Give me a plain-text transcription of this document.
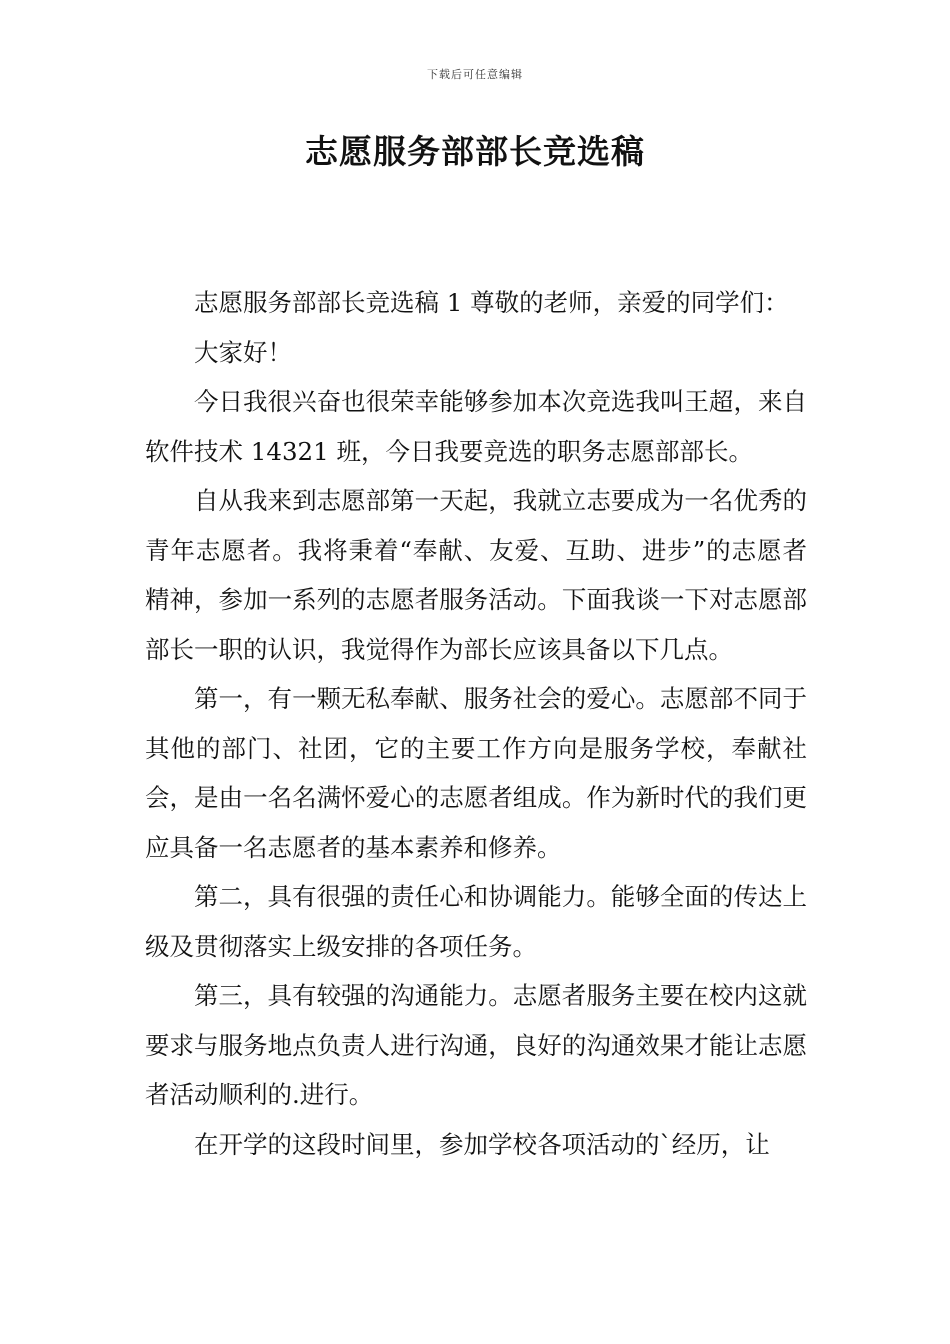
下载后可任意编辑
志愿服务部部长竞选稿

志愿服务部部长竞选稿 1 尊敬的老师，亲爱的同学们：

大家好！

今日我很兴奋也很荣幸能够参加本次竞选我叫王超，来自软件技术 14321 班，今日我要竞选的职务志愿部部长。

自从我来到志愿部第一天起，我就立志要成为一名优秀的青年志愿者。我将秉着“奉献、友爱、互助、进步”的志愿者精神，参加一系列的志愿者服务活动。下面我谈一下对志愿部部长一职的认识，我觉得作为部长应该具备以下几点。

第一，有一颗无私奉献、服务社会的爱心。志愿部不同于其他的部门、社团，它的主要工作方向是服务学校，奉献社会，是由一名名满怀爱心的志愿者组成。作为新时代的我们更应具备一名志愿者的基本素养和修养。

第二，具有很强的责任心和协调能力。能够全面的传达上级及贯彻落实上级安排的各项任务。

第三，具有较强的沟通能力。志愿者服务主要在校内这就要求与服务地点负责人进行沟通，良好的沟通效果才能让志愿者活动顺利的.进行。

在开学的这段时间里，参加学校各项活动的`经历，让
